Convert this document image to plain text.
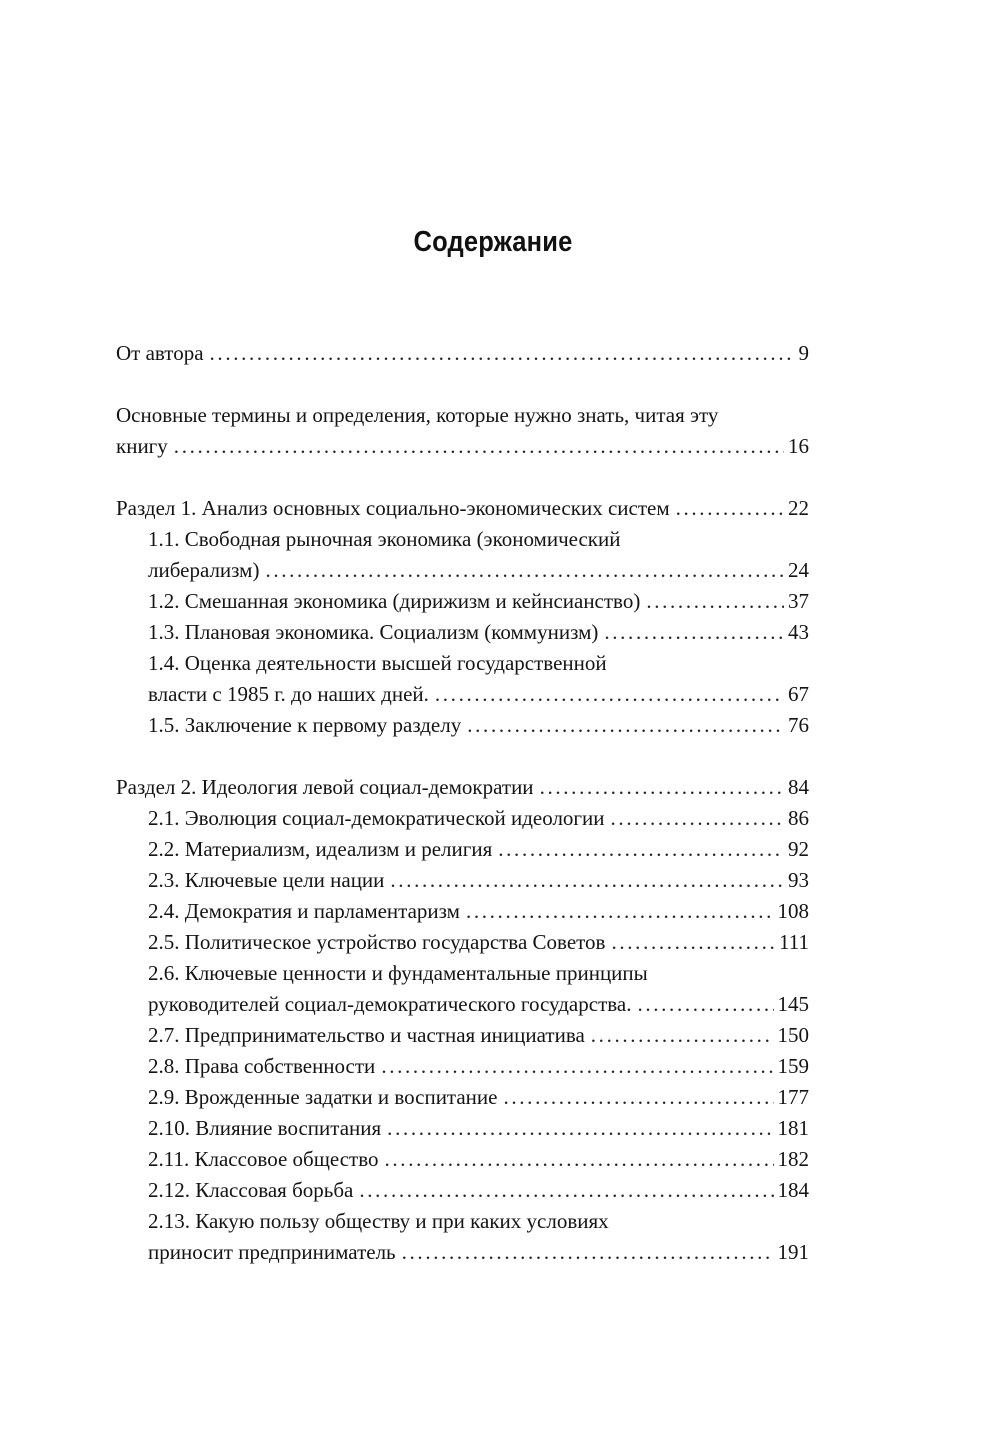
Содержание
От автора . . .	9
Основные термины и определения, которые нужно знать, читая эту
книгу . . .	16
Раздел 1. Анализ основных социально-экономических систем . . .	22
1.1. Свободная рыночная экономика (экономический
либерализм) . . .	24
1.2. Смешанная экономика (дирижизм и кейнсианство) . . .	37
1.3. Плановая экономика. Социализм (коммунизм) . . .	43
1.4. Оценка деятельности высшей государственной
власти с 1985 г. до наших дней. . . .	67
1.5. Заключение к первому разделу . . .	76
Раздел 2. Идеология левой социал-демократии . . .	84
2.1. Эволюция социал-демократической идеологии . . .	86
2.2. Материализм, идеализм и религия . . .	92
2.3. Ключевые цели нации . . .	93
2.4. Демократия и парламентаризм . . .	108
2.5. Политическое устройство государства Советов . . .	111
2.6. Ключевые ценности и фундаментальные принципы
руководителей социал-демократического государства. . . .	145
2.7. Предпринимательство и частная инициатива . . .	150
2.8. Права собственности . . .	159
2.9. Врожденные задатки и воспитание . . .	177
2.10. Влияние воспитания . . .	181
2.11. Классовое общество . . .	182
2.12. Классовая борьба . . .	184
2.13. Какую пользу обществу и при каких условиях
приносит предприниматель . . .	191
